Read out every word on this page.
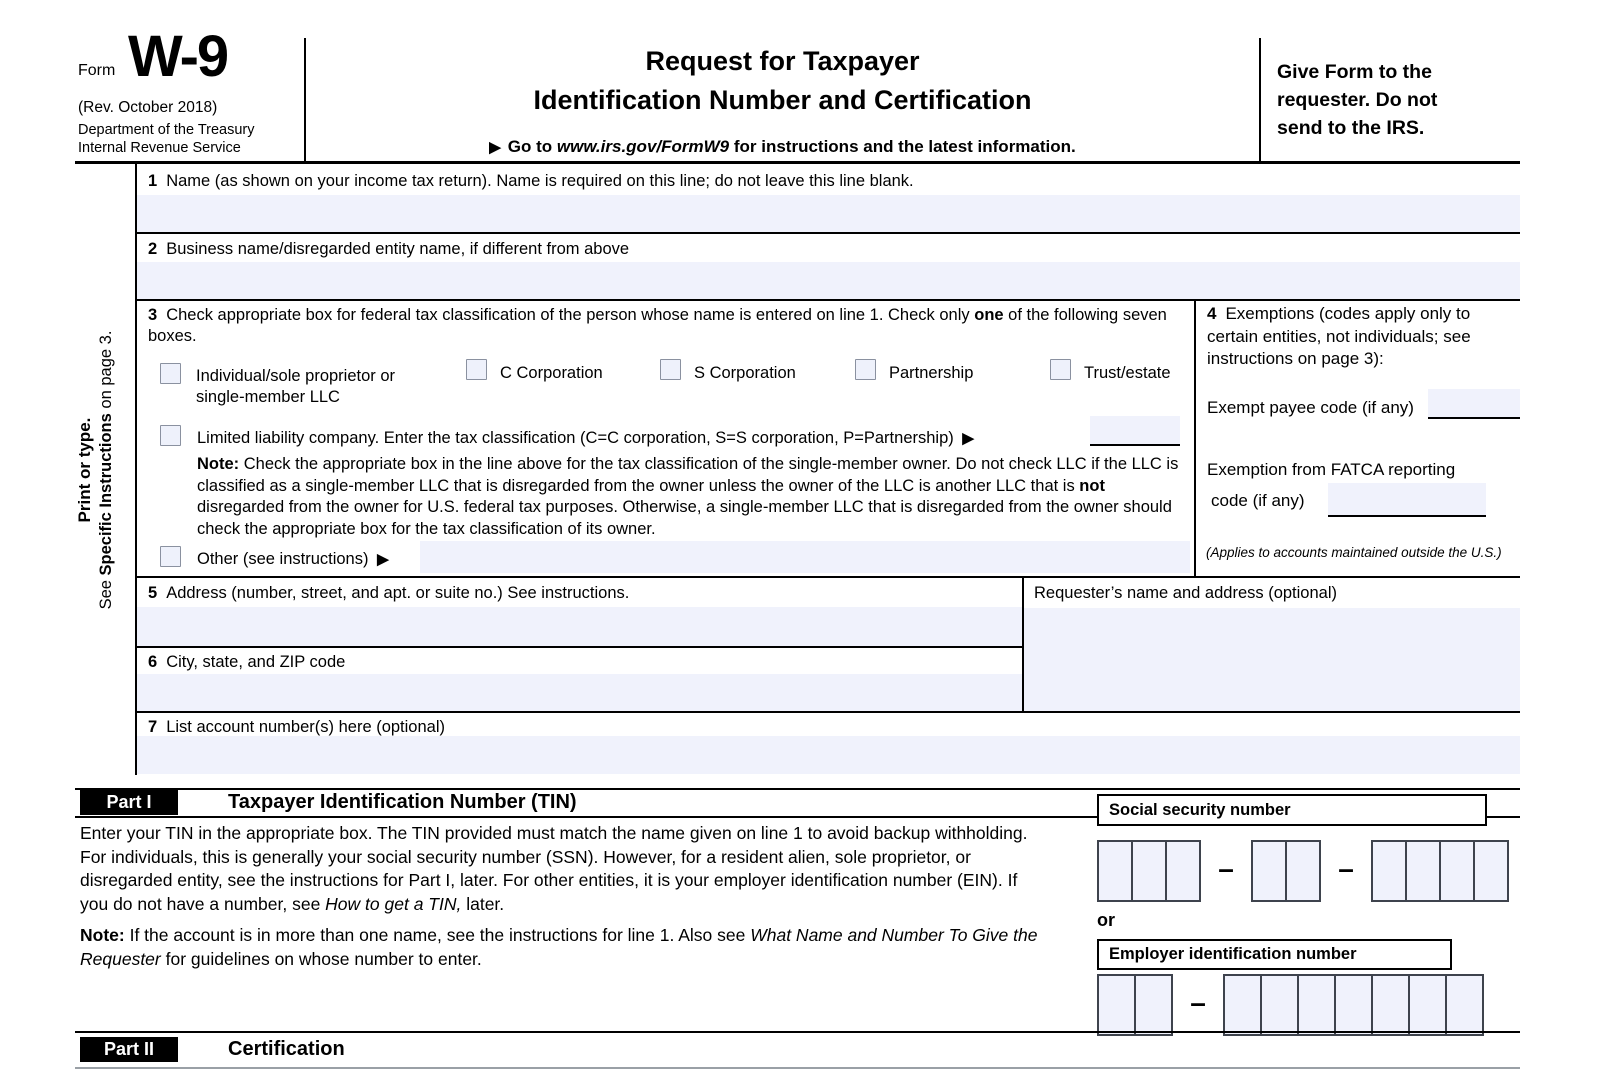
Form W-9
(Rev. October 2018)
Department of the Treasury
Internal Revenue Service
Request for Taxpayer
Identification Number and Certification
▶ Go to www.irs.gov/FormW9 for instructions and the latest information.
Give Form to the requester. Do not send to the IRS.
Print or type.
See Specific Instructions on page 3.
1 Name (as shown on your income tax return). Name is required on this line; do not leave this line blank.
2 Business name/disregarded entity name, if different from above
3 Check appropriate box for federal tax classification of the person whose name is entered on line 1. Check only one of the following seven boxes.
Individual/sole proprietor or single-member LLC
C Corporation	S Corporation	Partnership	Trust/estate
Limited liability company. Enter the tax classification (C=C corporation, S=S corporation, P=Partnership) ▶
Note: Check the appropriate box in the line above for the tax classification of the single-member owner. Do not check LLC if the LLC is classified as a single-member LLC that is disregarded from the owner unless the owner of the LLC is another LLC that is not disregarded from the owner for U.S. federal tax purposes. Otherwise, a single-member LLC that is disregarded from the owner should check the appropriate box for the tax classification of its owner.
Other (see instructions) ▶
4 Exemptions (codes apply only to certain entities, not individuals; see instructions on page 3):
Exempt payee code (if any)
Exemption from FATCA reporting
code (if any)
(Applies to accounts maintained outside the U.S.)
5 Address (number, street, and apt. or suite no.) See instructions.
6 City, state, and ZIP code
Requester’s name and address (optional)
7 List account number(s) here (optional)
Part I	Taxpayer Identification Number (TIN)
Enter your TIN in the appropriate box. The TIN provided must match the name given on line 1 to avoid backup withholding. For individuals, this is generally your social security number (SSN). However, for a resident alien, sole proprietor, or disregarded entity, see the instructions for Part I, later. For other entities, it is your employer identification number (EIN). If you do not have a number, see How to get a TIN, later.
Note: If the account is in more than one name, see the instructions for line 1. Also see What Name and Number To Give the Requester for guidelines on whose number to enter.
Social security number
–	–
or
Employer identification number
–
Part II	Certification
